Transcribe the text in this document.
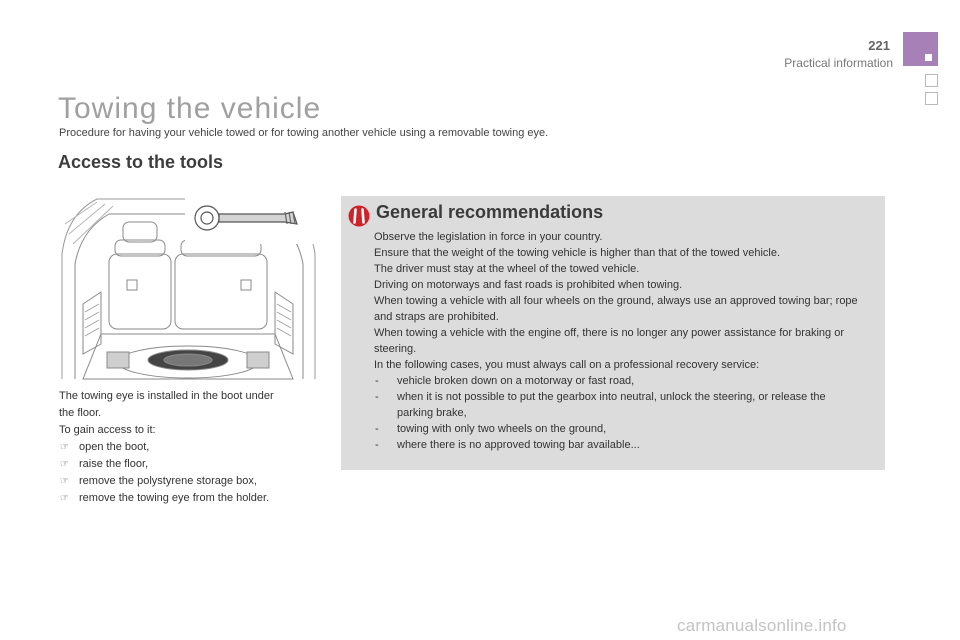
221
Practical information
Towing the vehicle
Procedure for having your vehicle towed or for towing another vehicle using a removable towing eye.
Access to the tools
The towing eye is installed in the boot under
the floor.
To gain access to it:
☞ open the boot,
☞ raise the floor,
☞ remove the polystyrene storage box,
☞ remove the towing eye from the holder.
General recommendations

Observe the legislation in force in your country.

Ensure that the weight of the towing vehicle is higher than that of the towed vehicle.

The driver must stay at the wheel of the towed vehicle.

Driving on motorways and fast roads is prohibited when towing.

When towing a vehicle with all four wheels on the ground, always use an approved towing bar; rope and straps are prohibited.

When towing a vehicle with the engine off, there is no longer any power assistance for braking or steering.

In the following cases, you must always call on a professional recovery service:

- vehicle broken down on a motorway or fast road,
- when it is not possible to put the gearbox into neutral, unlock the steering, or release the parking brake,
- towing with only two wheels on the ground,
- where there is no approved towing bar available...
carmanualsonline.info
